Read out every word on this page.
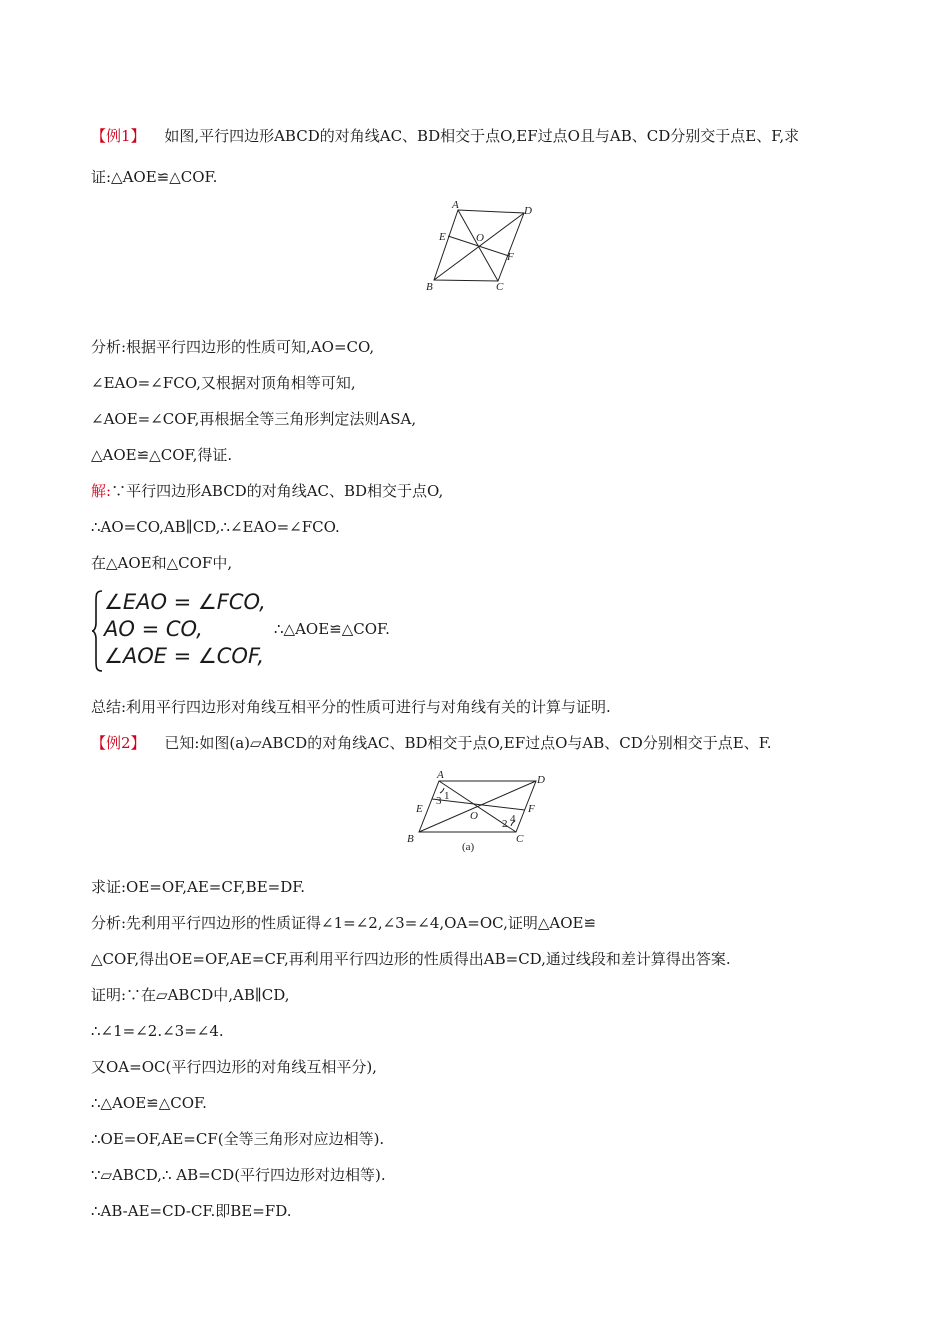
【例1】 如图,平行四边形ABCD的对角线AC、BD相交于点O,EF过点O且与AB、CD分别交于点E、F,求
证:△AOE≌△COF.
A	D
E	O
F
B	C
分析:根据平行四边形的性质可知,AO=CO,
∠EAO=∠FCO,又根据对顶角相等可知,
∠AOE=∠COF,再根据全等三角形判定法则ASA,
△AOE≌△COF,得证.
解:∵平行四边形ABCD的对角线AC、BD相交于点O,
∴AO=CO,AB∥CD,∴∠EAO=∠FCO.
在△AOE和△COF中,
∠EAO = ∠FCO,
AO = CO,
∠AOE = ∠COF,
∴△AOE≌△COF.
总结:利用平行四边形对角线互相平分的性质可进行与对角线有关的计算与证明.
【例2】 已知:如图(a)▱ABCD的对角线AC、BD相交于点O,EF过点O与AB、CD分别相交于点E、F.
A	D
E	F
O
B	C
1
2
3
4
(a)
求证:OE=OF,AE=CF,BE=DF.
分析:先利用平行四边形的性质证得∠1=∠2,∠3=∠4,OA=OC,证明△AOE≌
△COF,得出OE=OF,AE=CF,再利用平行四边形的性质得出AB=CD,通过线段和差计算得出答案.
证明:∵在▱ABCD中,AB∥CD,
∴∠1=∠2.∠3=∠4.
又OA=OC(平行四边形的对角线互相平分),
∴△AOE≌△COF.
∴OE=OF,AE=CF(全等三角形对应边相等).
∵▱ABCD,∴ AB=CD(平行四边形对边相等).
∴AB-AE=CD-CF.即BE=FD.
